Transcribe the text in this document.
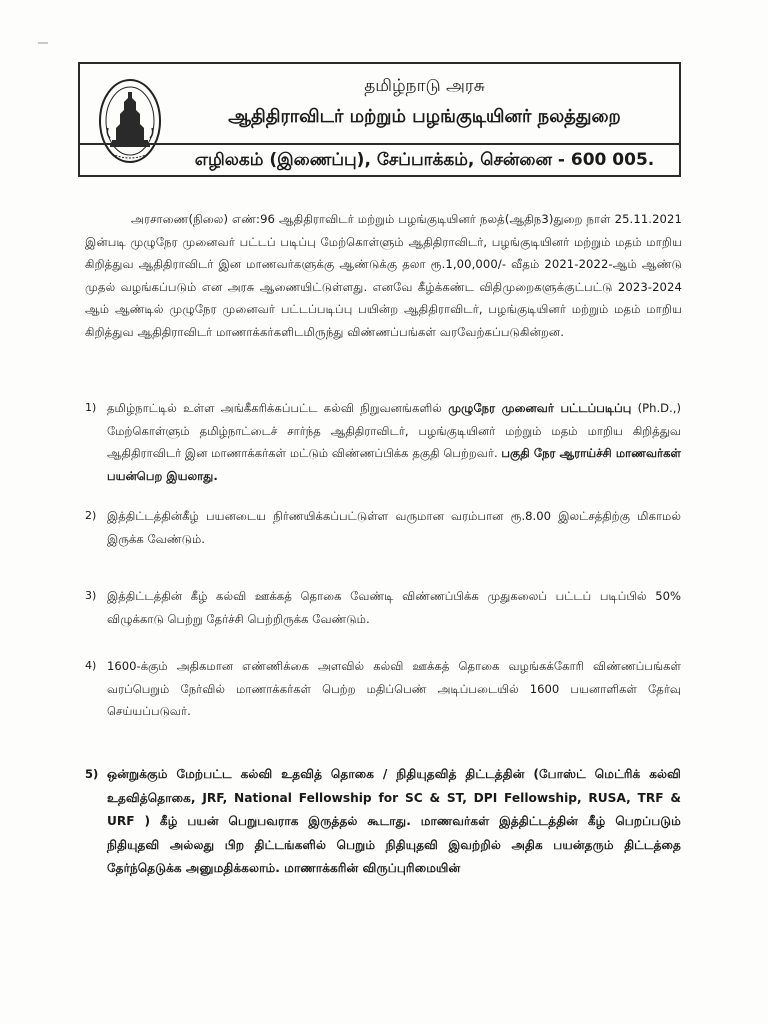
தமிழ்நாடு அரசு
ஆதிதிராவிடர் மற்றும் பழங்குடியினர் நலத்துறை
எழிலகம் (இணைப்பு), சேப்பாக்கம், சென்னை - 600 005.
அரசாணை(நிலை) எண்:96 ஆதிதிராவிடர் மற்றும் பழங்குடியினர் நலத்(ஆதிந3)துறை நாள் 25.11.2021 இன்படி முழுநேர முனைவர் பட்டப் படிப்பு மேற்கொள்ளும் ஆதிதிராவிடர், பழங்குடியினர் மற்றும் மதம் மாறிய கிறித்துவ ஆதிதிராவிடர் இன மாணவர்களுக்கு ஆண்டுக்கு தலா ரூ.1,00,000/- வீதம் 2021-2022-ஆம் ஆண்டு முதல் வழங்கப்படும் என அரசு ஆணையிட்டுள்ளது. எனவே கீழ்க்கண்ட விதிமுறைகளுக்குட்பட்டு 2023-2024 ஆம் ஆண்டில் முழுநேர முனைவர் பட்டப்படிப்பு பயின்ற ஆதிதிராவிடர், பழங்குடியினர் மற்றும் மதம் மாறிய கிறித்துவ ஆதிதிராவிடர் மாணாக்கர்களிடமிருந்து விண்ணப்பங்கள் வரவேற்கப்படுகின்றன.
1) தமிழ்நாட்டில் உள்ள அங்கீகரிக்கப்பட்ட கல்வி நிறுவனங்களில் முழுநேர முனைவர் பட்டப்படிப்பு (Ph.D.,) மேற்கொள்ளும் தமிழ்நாட்டைச் சார்ந்த ஆதிதிராவிடர், பழங்குடியினர் மற்றும் மதம் மாறிய கிறித்துவ ஆதிதிராவிடர் இன மாணாக்கர்கள் மட்டும் விண்ணப்பிக்க தகுதி பெற்றவர். பகுதி நேர ஆராய்ச்சி மாணவர்கள் பயன்பெற இயலாது.
2) இத்திட்டத்தின்கீழ் பயனடைய நிர்ணயிக்கப்பட்டுள்ள வருமான வரம்பான ரூ.8.00 இலட்சத்திற்கு மிகாமல் இருக்க வேண்டும்.
3) இத்திட்டத்தின் கீழ் கல்வி ஊக்கத் தொகை வேண்டி விண்ணப்பிக்க முதுகலைப் பட்டப் படிப்பில் 50% விழுக்காடு பெற்று தேர்ச்சி பெற்றிருக்க வேண்டும்.
4) 1600-க்கும் அதிகமான எண்ணிக்கை அளவில் கல்வி ஊக்கத் தொகை வழங்கக்கோரி விண்ணப்பங்கள் வரப்பெறும் நேர்வில் மாணாக்கர்கள் பெற்ற மதிப்பெண் அடிப்படையில் 1600 பயனாளிகள் தேர்வு செய்யப்படுவர்.
5) ஒன்றுக்கும் மேற்பட்ட கல்வி உதவித் தொகை / நிதியுதவித் திட்டத்தின் (போஸ்ட் மெட்ரிக் கல்வி உதவித்தொகை, JRF, National Fellowship for SC & ST, DPI Fellowship, RUSA, TRF & URF ) கீழ் பயன் பெறுபவராக இருத்தல் கூடாது. மாணவர்கள் இத்திட்டத்தின் கீழ் பெறப்படும் நிதியுதவி அல்லது பிற திட்டங்களில் பெறும் நிதியுதவி இவற்றில் அதிக பயன்தரும் திட்டத்தை தேர்ந்தெடுக்க அனுமதிக்கலாம். மாணாக்கரின் விருப்புரிமையின்
